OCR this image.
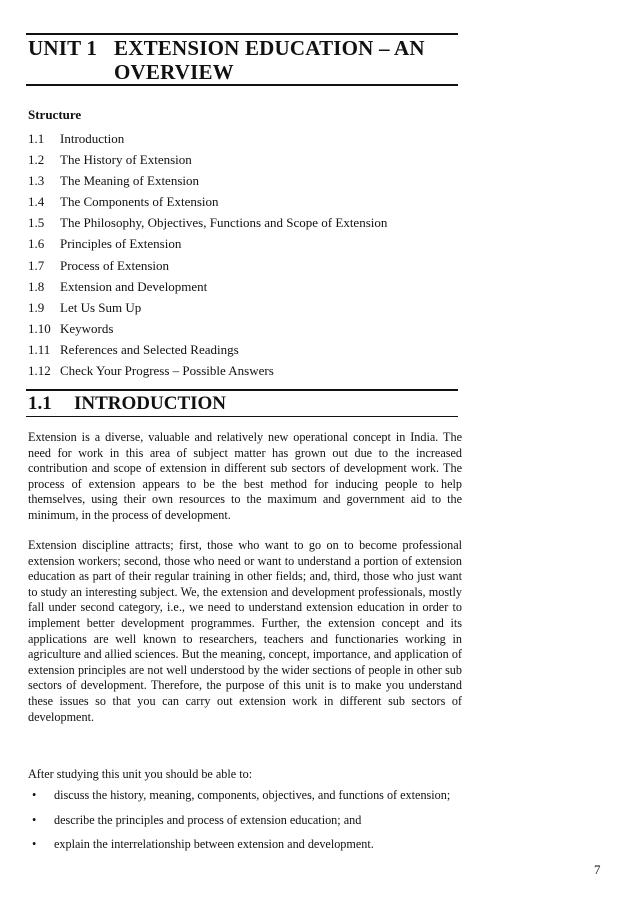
UNIT 1 EXTENSION EDUCATION – AN OVERVIEW
Structure
1.1 Introduction
1.2 The History of Extension
1.3 The Meaning of Extension
1.4 The Components of Extension
1.5 The Philosophy, Objectives, Functions and Scope of Extension
1.6 Principles of Extension
1.7 Process of Extension
1.8 Extension and Development
1.9 Let Us Sum Up
1.10 Keywords
1.11 References and Selected Readings
1.12 Check Your Progress – Possible Answers
1.1 INTRODUCTION

Extension is a diverse, valuable and relatively new operational concept in India. The need for work in this area of subject matter has grown out due to the increased contribution and scope of extension in different sub sectors of development work. The process of extension appears to be the best method for inducing people to help themselves, using their own resources to the maximum and government aid to the minimum, in the process of development.

Extension discipline attracts; first, those who want to go on to become professional extension workers; second, those who need or want to understand a portion of extension education as part of their regular training in other fields; and, third, those who just want to study an interesting subject. We, the extension and development professionals, mostly fall under second category, i.e., we need to understand extension education in order to implement better development programmes. Further, the extension concept and its applications are well known to researchers, teachers and functionaries working in agriculture and allied sciences. But the meaning, concept, importance, and application of extension principles are not well understood by the wider sections of people in other sub sectors of development. Therefore, the purpose of this unit is to make you understand these issues so that you can carry out extension work in different sub sectors of development.

After studying this unit you should be able to:

• discuss the history, meaning, components, objectives, and functions of extension;
• describe the principles and process of extension education; and
• explain the interrelationship between extension and development.
7
